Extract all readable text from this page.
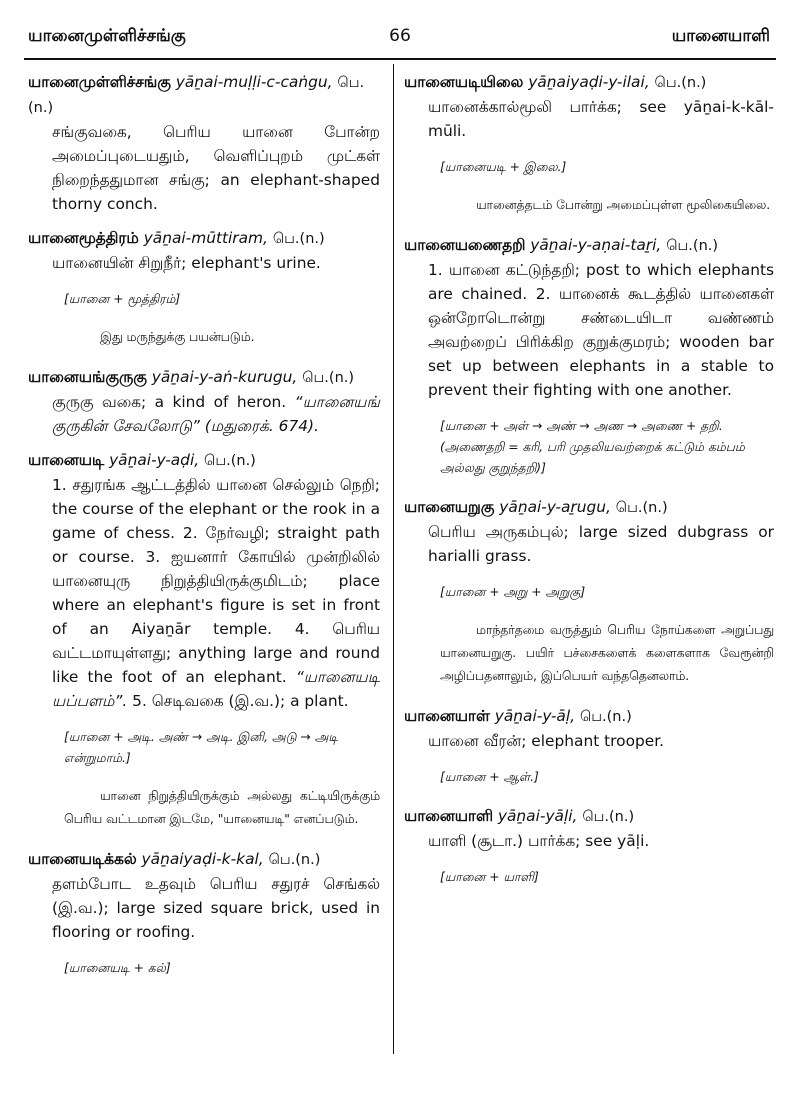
யானைமுள்ளிச்சங்கு	66	யானையாளி
யானைமுள்ளிச்சங்கு yāṉai-muḷḷi-c-caṅgu, பெ.(n.)
சங்குவகை, பெரிய யானை போன்ற அமைப்புடையதும், வெளிப்புறம் முட்கள் நிறைந்ததுமான சங்கு; an elephant-shaped thorny conch.
யானைமூத்திரம் yāṉai-mūttiram, பெ.(n.)
யானையின் சிறுநீர்; elephant's urine.
[யானை + மூத்திரம்]
இது மருந்துக்கு பயன்படும்.
யானையங்குருகு yāṉai-y-aṅ-kurugu, பெ.(n.)
குருகு வகை; a kind of heron. “யானையங் குருகின் சேவலோடு” (மதுரைக். 674).
யானையடி yāṉai-y-aḍi, பெ.(n.)
1. சதுரங்க ஆட்டத்தில் யானை செல்லும் நெறி; the course of the elephant or the rook in a game of chess. 2. நேர்வழி; straight path or course. 3. ஐயனார் கோயில் முன்றிலில் யானையுரு நிறுத்தியிருக்குமிடம்; place where an elephant's figure is set in front of an Aiyaṉār temple. 4. பெரிய வட்டமாயுள்ளது; anything large and round like the foot of an elephant. “யானையடி யப்பளம்”. 5. செடிவகை (இ.வ.); a plant.
[யானை + அடி. அண் → அடி. இனி, அடு → அடி என்றுமாம்.]
யானை நிறுத்தியிருக்கும் அல்லது கட்டியிருக்கும் பெரிய வட்டமான இடமே, "யானையடி" எனப்படும்.
யானையடிக்கல் yāṉaiyaḍi-k-kal, பெ.(n.)
தளம்போட உதவும் பெரிய சதுரச் செங்கல் (இ.வ.); large sized square brick, used in flooring or roofing.
[யானையடி + கல்]
யானையடியிலை yāṉaiyaḍi-y-ilai, பெ.(n.)
யானைக்கால்மூலி பார்க்க; see yāṉai-k-kāl-mūli.
[யானையடி + இலை.]
யானைத்தடம் போன்று அமைப்புள்ள மூலிகையிலை.
யானையணைதறி yāṉai-y-aṇai-taṟi, பெ.(n.)
1. யானை கட்டுந்தறி; post to which elephants are chained. 2. யானைக் கூடத்தில் யானைகள் ஒன்றோடொன்று சண்டையிடா வண்ணம் அவற்றைப் பிரிக்கிற குறுக்குமரம்; wooden bar set up between elephants in a stable to prevent their fighting with one another.
[யானை + அள் → அண் → அண → அணை + தறி. (அணைதறி = கரி, பரி முதலியவற்றைக் கட்டும் கம்பம் அல்லது குறுந்தறி)]
யானையறுகு yāṉai-y-aṟugu, பெ.(n.)
பெரிய அருகம்புல்; large sized dubgrass or harialli grass.
[யானை + அறு + அறுகு]
மாந்தர்தமை வருத்தும் பெரிய நோய்களை அறுப்பது யானையறுகு. பயிர் பச்சைகளைக் களைகளாக வேரூன்றி அழிப்பதனாலும், இப்பெயர் வந்ததெனலாம்.
யானையாள் yāṉai-y-āḷ, பெ.(n.)
யானை வீரன்; elephant trooper.
[யானை + ஆள்.]
யானையாளி yāṉai-yāḷi, பெ.(n.)
யாளி (சூடா.) பார்க்க; see yāḷi.
[யானை + யாளி]
